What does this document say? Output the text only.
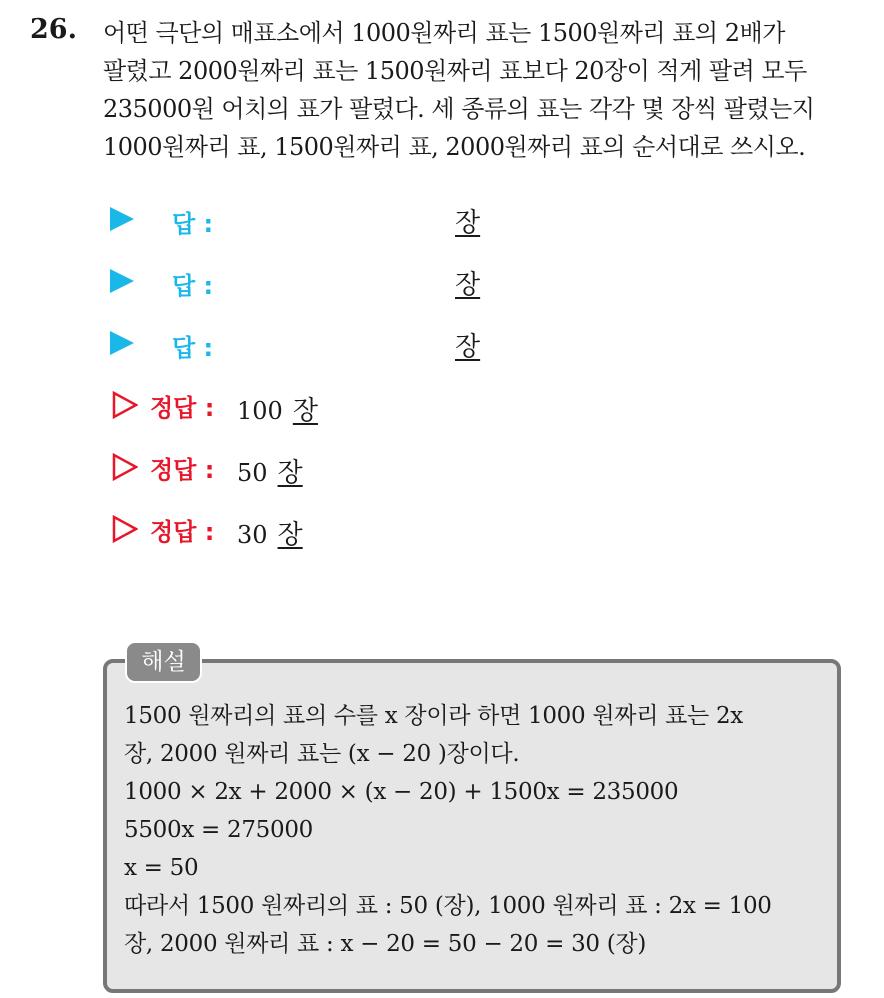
26. 어떤 극단의 매표소에서 1000원짜리 표는 1500원짜리 표의 2배가
팔렸고 2000원짜리 표는 1500원짜리 표보다 20장이 적게 팔려 모두
235000원 어치의 표가 팔렸다. 세 종류의 표는 각각 몇 장씩 팔렸는지
1000원짜리 표, 1500원짜리 표, 2000원짜리 표의 순서대로 쓰시오.
답 :	장
답 :	장
답 :	장
정답 : 100 장
정답 : 50 장
정답 : 30 장
해설
1500 원짜리의 표의 수를 x 장이라 하면 1000 원짜리 표는 2x
장, 2000 원짜리 표는 (x − 20 )장이다.
1000 × 2x + 2000 × (x − 20) + 1500x = 235000
5500x = 275000
x = 50
따라서 1500 원짜리의 표 : 50 (장), 1000 원짜리 표 : 2x = 100
장, 2000 원짜리 표 : x − 20 = 50 − 20 = 30 (장)
